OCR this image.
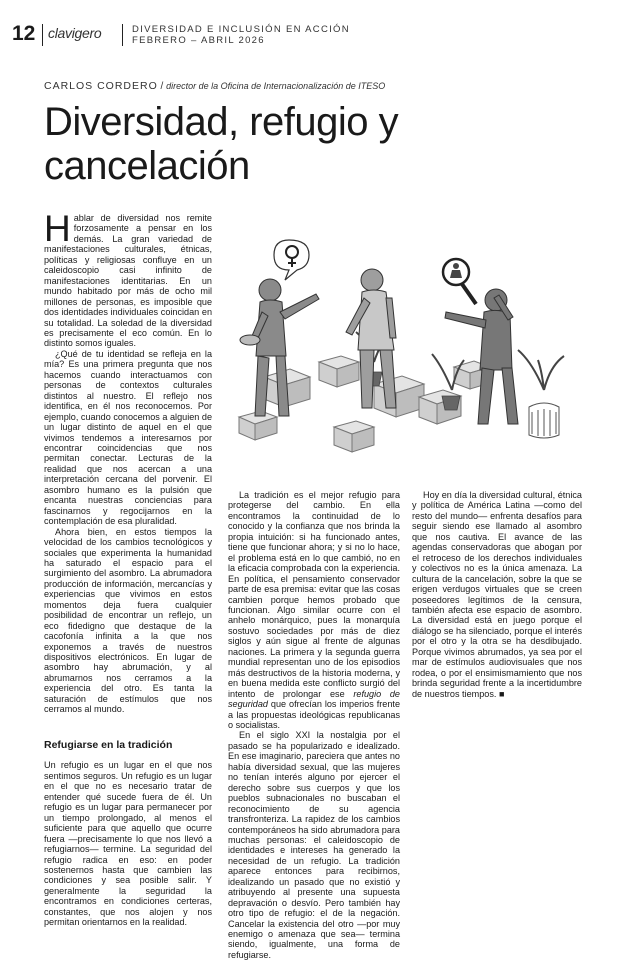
12 clavigero	DIVERSIDAD E INCLUSIÓN EN ACCIÓN
FEBRERO – ABRIL 2026
CARLOS CORDERO / director de la Oficina de Internacionalización de ITESO
Diversidad, refugio y cancelación

Hablar de diversidad nos remite forzosamente a pensar en los demás. La gran variedad de manifestaciones culturales, étnicas, políticas y religiosas confluye en un caleidoscopio casi infinito de manifestaciones identitarias. En un mundo habitado por más de ocho mil millones de personas, es imposible que dos identidades individuales coincidan en su totalidad. La soledad de la diversidad es precisamente el eco común. En lo distinto somos iguales.

¿Qué de tu identidad se refleja en la mía? Es una primera pregunta que nos hacemos cuando interactuamos con personas de contextos culturales distintos al nuestro. El reflejo nos identifica, en él nos reconocemos. Por ejemplo, cuando conocemos a alguien de un lugar distinto de aquel en el que vivimos tendemos a interesarnos por encontrar coincidencias que nos permitan conectar. Lecturas de la realidad que nos acercan a una interpretación cercana del porvenir. El asombro humano es la pulsión que encanta nuestras conciencias para fascinarnos y regocijarnos en la contemplación de esa pluralidad.

Ahora bien, en estos tiempos la velocidad de los cambios tecnológicos y sociales que experimenta la humanidad ha saturado el espacio para el surgimiento del asombro. La abrumadora producción de información, mercancías y experiencias que vivimos en estos momentos deja fuera cualquier posibilidad de encontrar un reflejo, un eco fidedigno que destaque de la cacofonía infinita a la que nos exponemos a través de nuestros dispositivos electrónicos. En lugar de asombro hay abrumación, y al abrumarnos nos cerramos a la experiencia del otro. Es tanta la saturación de estímulos que nos cerramos al mundo.

Refugiarse en la tradición

Un refugio es un lugar en el que nos sentimos seguros. Un refugio es un lugar en el que no es necesario tratar de entender qué sucede fuera de él. Un refugio es un lugar para permanecer por un tiempo prolongado, al menos el suficiente para que aquello que ocurre fuera —precisamente lo que nos llevó a refugiarnos— termine. La seguridad del refugio radica en eso: en poder sostenernos hasta que cambien las condiciones y sea posible salir. Y generalmente la seguridad la encontramos en condiciones certeras, constantes, que nos alojen y nos permitan orientarnos en la realidad.

La tradición es el mejor refugio para protegerse del cambio. En ella encontramos la continuidad de lo conocido y la confianza que nos brinda la propia intuición: si ha funcionado antes, tiene que funcionar ahora; y si no lo hace, el problema está en lo que cambió, no en la eficacia comprobada con la experiencia. En política, el pensamiento conservador parte de esa premisa: evitar que las cosas cambien porque hemos probado que funcionan. Algo similar ocurre con el anhelo monárquico, pues la monarquía sostuvo sociedades por más de diez siglos y aún sigue al frente de algunas naciones. La primera y la segunda guerra mundial representan uno de los episodios más destructivos de la historia moderna, y en buena medida este conflicto surgió del intento de prolongar ese refugio de seguridad que ofrecían los imperios frente a las propuestas ideológicas republicanas o socialistas.

En el siglo XXI la nostalgia por el pasado se ha popularizado e idealizado. En ese imaginario, pareciera que antes no había diversidad sexual, que las mujeres no tenían interés alguno por ejercer el derecho sobre sus cuerpos y que los pueblos subnacionales no buscaban el reconocimiento de su agencia transfronteriza. La rapidez de los cambios contemporáneos ha sido abrumadora para muchas personas: el caleidoscopio de identidades e intereses ha generado la necesidad de un refugio. La tradición aparece entonces para recibirnos, idealizando un pasado que no existió y atribuyendo al presente una supuesta depravación o desvío. Pero también hay otro tipo de refugio: el de la negación. Cancelar la existencia del otro —por muy enemigo o amenaza que sea— termina siendo, igualmente, una forma de refugiarse.

Hoy en día la diversidad cultural, étnica y política de América Latina —como del resto del mundo— enfrenta desafíos para seguir siendo ese llamado al asombro que nos cautiva. El avance de las agendas conservadoras que abogan por el retroceso de los derechos individuales y colectivos no es la única amenaza. La cultura de la cancelación, sobre la que se erigen verdugos virtuales que se creen poseedores legítimos de la censura, también afecta ese espacio de asombro. La diversidad está en juego porque el diálogo se ha silenciado, porque el interés por el otro y la otra se ha desdibujado. Porque vivimos abrumados, ya sea por el mar de estímulos audiovisuales que nos rodea, o por el ensimismamiento que nos brinda seguridad frente a la incertidumbre de nuestros tiempos. ■
